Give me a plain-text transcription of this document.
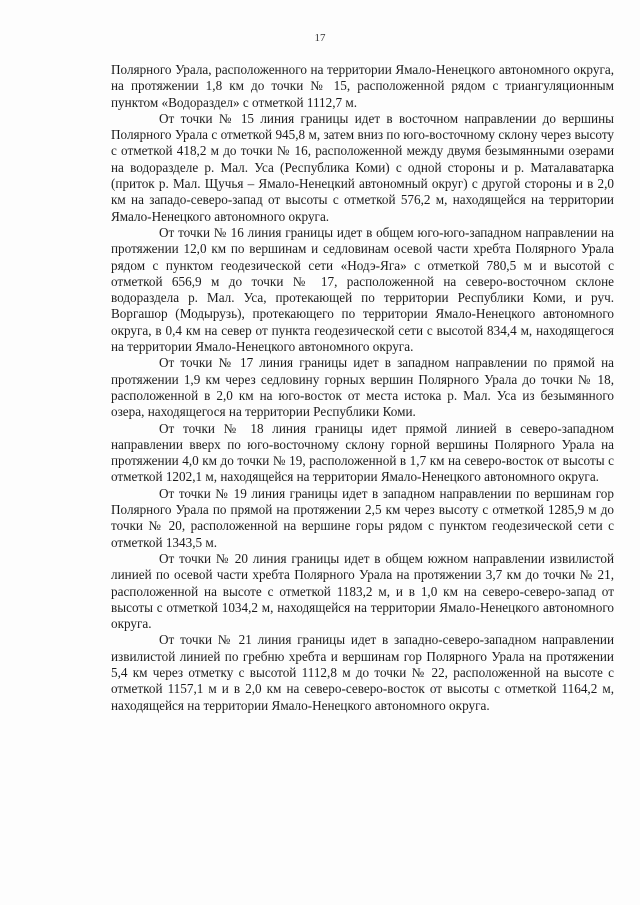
17

Полярного Урала, расположенного на территории Ямало-Ненецкого автономного округа, на протяжении 1,8 км до точки № 15, расположенной рядом с триангуляционным пунктом «Водораздел» с отметкой 1112,7 м.

От точки № 15 линия границы идет в восточном направлении до вершины Полярного Урала с отметкой 945,8 м, затем вниз по юго-восточному склону через высоту с отметкой 418,2 м до точки № 16, расположенной между двумя безымянными озерами на водоразделе р. Мал. Уса (Республика Коми) с одной стороны и р. Маталаватарка (приток р. Мал. Щучья – Ямало-Ненецкий автономный округ) с другой стороны и в 2,0 км на западо-северо-запад от высоты с отметкой 576,2 м, находящейся на территории Ямало-Ненецкого автономного округа.

От точки № 16 линия границы идет в общем юго-юго-западном направлении на протяжении 12,0 км по вершинам и седловинам осевой части хребта Полярного Урала рядом с пунктом геодезической сети «Нодэ-Яга» с отметкой 780,5 м и высотой с отметкой 656,9 м до точки № 17, расположенной на северо-восточном склоне водораздела р. Мал. Уса, протекающей по территории Республики Коми, и руч. Воргашор (Модырузь), протекающего по территории Ямало-Ненецкого автономного округа, в 0,4 км на север от пункта геодезической сети с высотой 834,4 м, находящегося на территории Ямало-Ненецкого автономного округа.

От точки № 17 линия границы идет в западном направлении по прямой на протяжении 1,9 км через седловину горных вершин Полярного Урала до точки № 18, расположенной в 2,0 км на юго-восток от места истока р. Мал. Уса из безымянного озера, находящегося на территории Республики Коми.

От точки № 18 линия границы идет прямой линией в северо-западном направлении вверх по юго-восточному склону горной вершины Полярного Урала на протяжении 4,0 км до точки № 19, расположенной в 1,7 км на северо-восток от высоты с отметкой 1202,1 м, находящейся на территории Ямало-Ненецкого автономного округа.

От точки № 19 линия границы идет в западном направлении по вершинам гор Полярного Урала по прямой на протяжении 2,5 км через высоту с отметкой 1285,9 м до точки № 20, расположенной на вершине горы рядом с пунктом геодезической сети с отметкой 1343,5 м.

От точки № 20 линия границы идет в общем южном направлении извилистой линией по осевой части хребта Полярного Урала на протяжении 3,7 км до точки № 21, расположенной на высоте с отметкой 1183,2 м, и в 1,0 км на северо-северо-запад от высоты с отметкой 1034,2 м, находящейся на территории Ямало-Ненецкого автономного округа.

От точки № 21 линия границы идет в западно-северо-западном направлении извилистой линией по гребню хребта и вершинам гор Полярного Урала на протяжении 5,4 км через отметку с высотой 1112,8 м до точки № 22, расположенной на высоте с отметкой 1157,1 м и в 2,0 км на северо-северо-восток от высоты с отметкой 1164,2 м, находящейся на территории Ямало-Ненецкого автономного округа.
